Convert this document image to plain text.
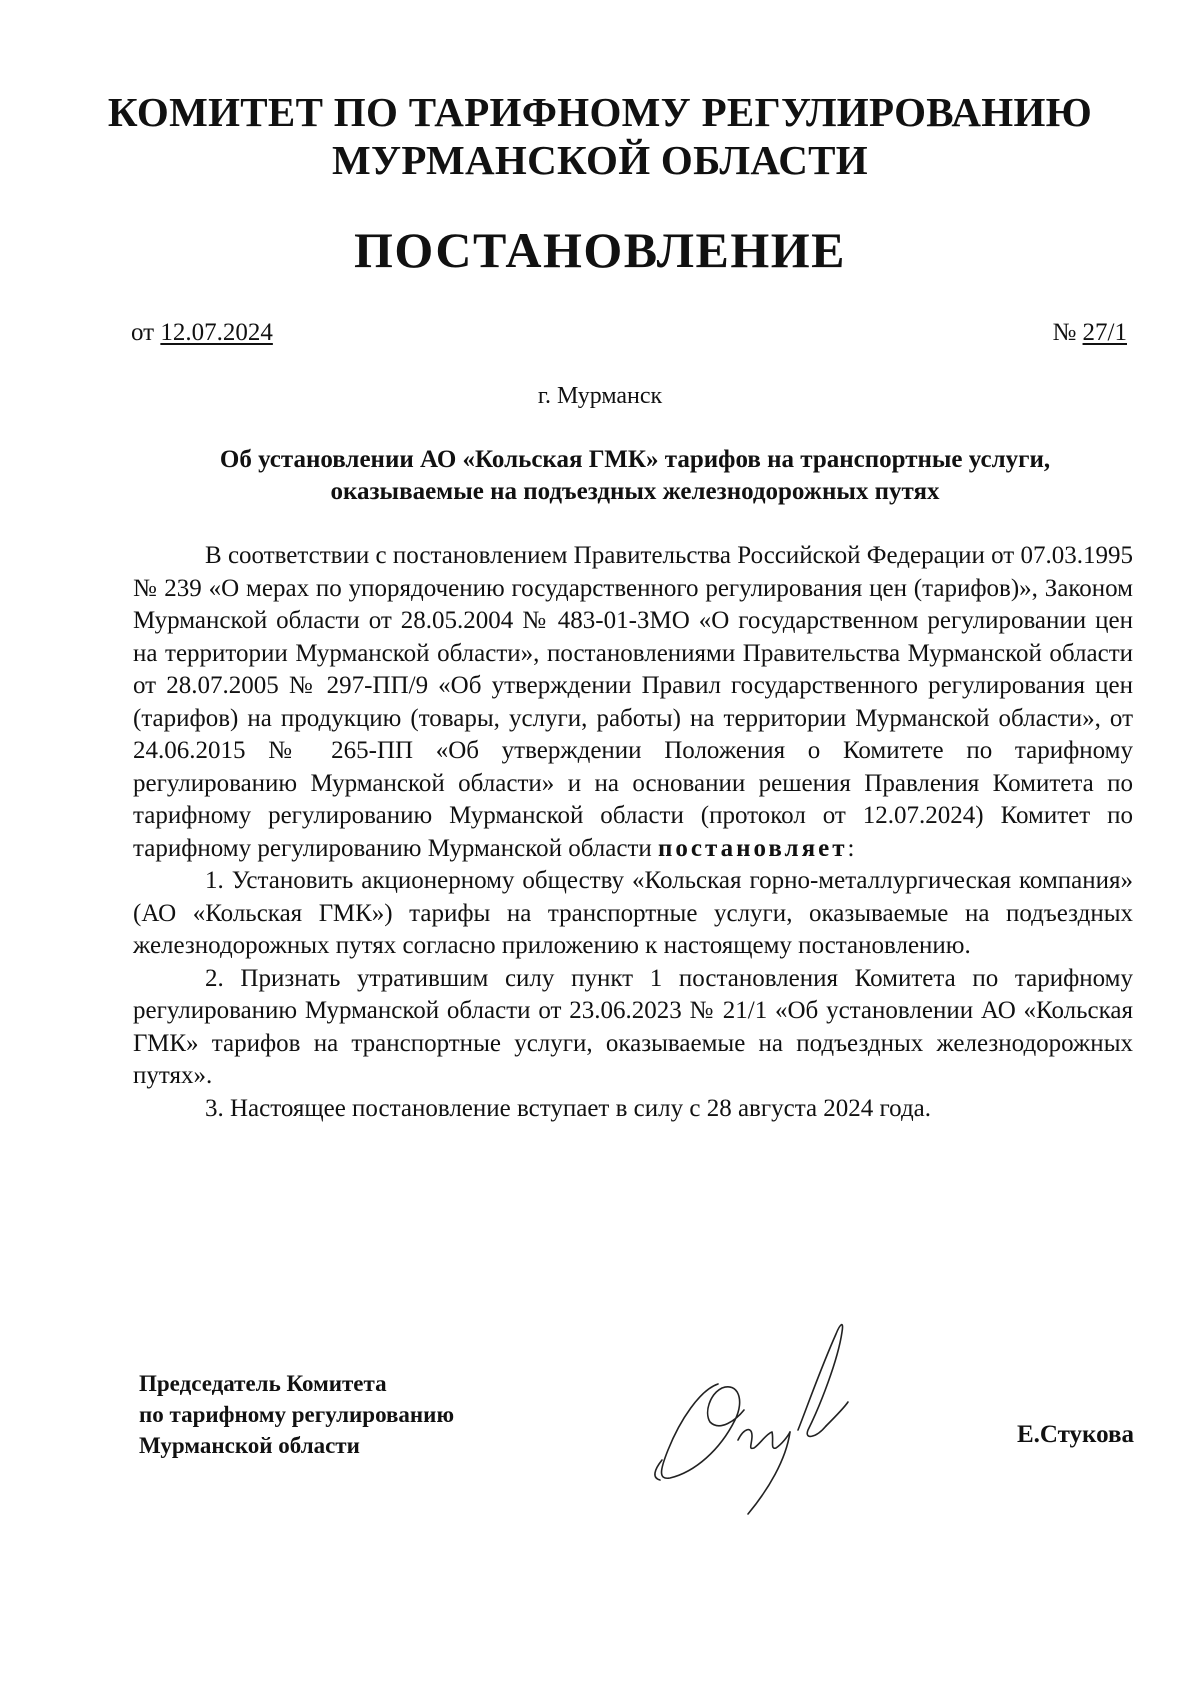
КОМИТЕТ ПО ТАРИФНОМУ РЕГУЛИРОВАНИЮ
МУРМАНСКОЙ ОБЛАСТИ
ПОСТАНОВЛЕНИЕ
от 12.07.2024	№ 27/1
г. Мурманск
Об установлении АО «Кольская ГМК» тарифов на транспортные услуги,
оказываемые на подъездных железнодорожных путях

В соответствии с постановлением Правительства Российской Федерации от 07.03.1995 № 239 «О мерах по упорядочению государственного регулирования цен (тарифов)», Законом Мурманской области от 28.05.2004 № 483-01-ЗМО «О государственном регулировании цен на территории Мурманской области», постановлениями Правительства Мурманской области от 28.07.2005 № 297-ПП/9 «Об утверждении Правил государственного регулирования цен (тарифов) на продукцию (товары, услуги, работы) на территории Мурманской области», от 24.06.2015 № 265-ПП «Об утверждении Положения о Комитете по тарифному регулированию Мурманской области» и на основании решения Правления Комитета по тарифному регулированию Мурманской области (протокол от 12.07.2024) Комитет по тарифному регулированию Мурманской области постановляет:

1. Установить акционерному обществу «Кольская горно-металлургическая компания» (АО «Кольская ГМК») тарифы на транспортные услуги, оказываемые на подъездных железнодорожных путях согласно приложению к настоящему постановлению.

2. Признать утратившим силу пункт 1 постановления Комитета по тарифному регулированию Мурманской области от 23.06.2023 № 21/1 «Об установлении АО «Кольская ГМК» тарифов на транспортные услуги, оказываемые на подъездных железнодорожных путях».

3. Настоящее постановление вступает в силу с 28 августа 2024 года.

Председатель Комитета
по тарифному регулированию
Мурманской области	Е.Стукова
